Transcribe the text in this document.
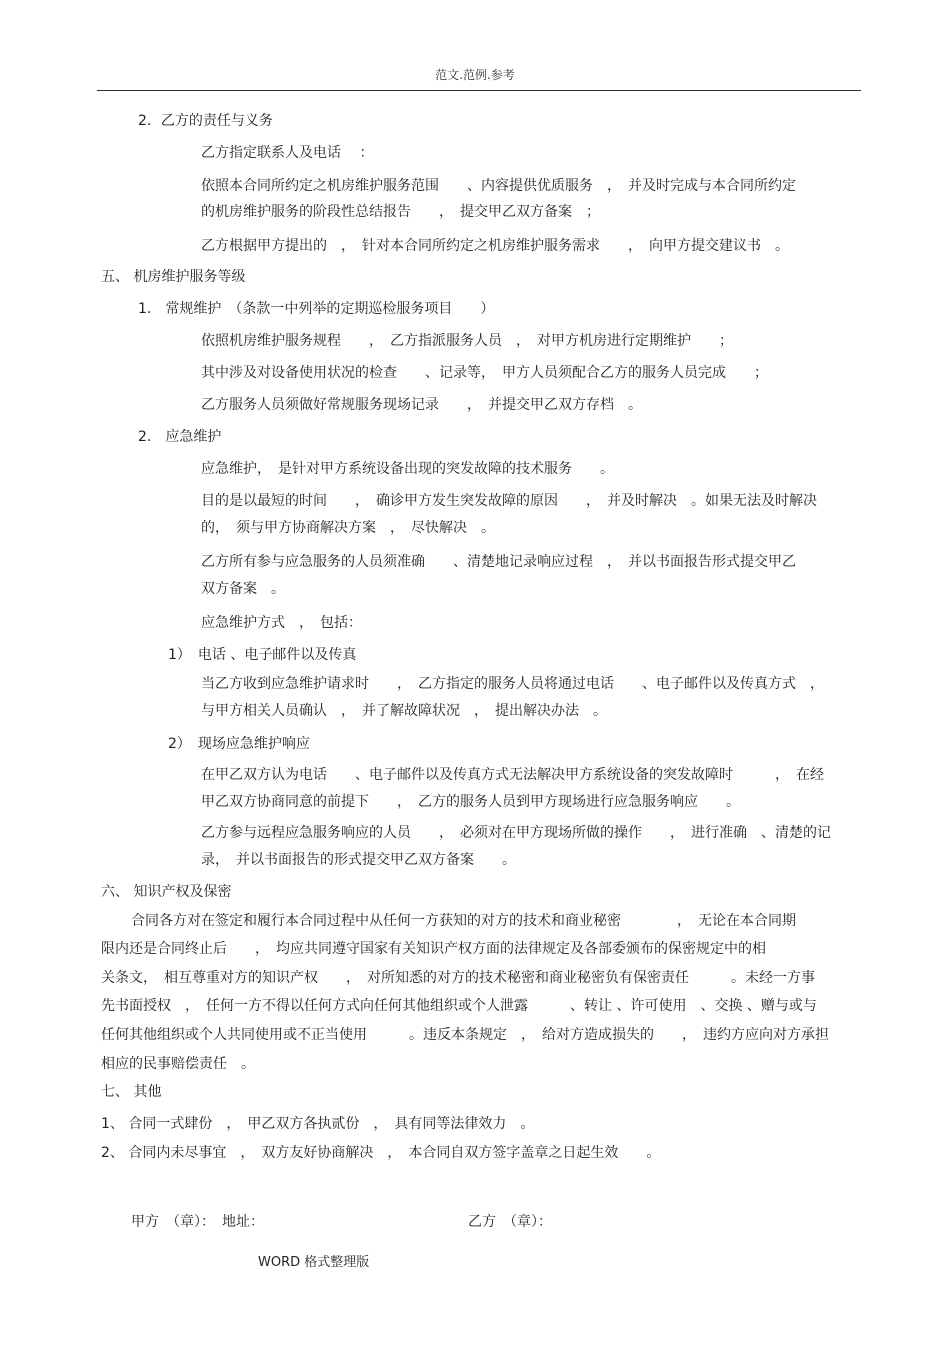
范文.范例.参考
2．乙方的责任与义务
乙方指定联系人及电话　 ：
依照本合同所约定之机房维护服务范围　　、内容提供优质服务　，　并及时完成与本合同所约定
的机房维护服务的阶段性总结报告　　，　提交甲乙双方备案　；
乙方根据甲方提出的　，　针对本合同所约定之机房维护服务需求　　，　向甲方提交建议书　。
五、 机房维护服务等级
1.　常规维护　（条款一中列举的定期巡检服务项目　　）
依照机房维护服务规程　　，　乙方指派服务人员　，　对甲方机房进行定期维护　　；
其中涉及对设备使用状况的检查　　、记录等，　甲方人员须配合乙方的服务人员完成　　；
乙方服务人员须做好常规服务现场记录　　，　并提交甲乙双方存档　。
2.　应急维护
应急维护，　是针对甲方系统设备出现的突发故障的技术服务　　。
目的是以最短的时间　　，　确诊甲方发生突发故障的原因　　，　并及时解决　。如果无法及时解决
的，　须与甲方协商解决方案　，　尽快解决　。
乙方所有参与应急服务的人员须准确　　、清楚地记录响应过程　，　并以书面报告形式提交甲乙
双方备案　。
应急维护方式　，　包括：
1）　电话 、电子邮件以及传真
当乙方收到应急维护请求时　　，　乙方指定的服务人员将通过电话　　、电子邮件以及传真方式　，
与甲方相关人员确认　，　并了解故障状况　，　提出解决办法　。
2）　现场应急维护响应
在甲乙双方认为电话　　、电子邮件以及传真方式无法解决甲方系统设备的突发故障时　　　，　在经
甲乙双方协商同意的前提下　　，　乙方的服务人员到甲方现场进行应急服务响应　　。
乙方参与远程应急服务响应的人员　　，　必须对在甲方现场所做的操作　　，　进行准确　、清楚的记
录，　并以书面报告的形式提交甲乙双方备案　　。
六、 知识产权及保密
合同各方对在签定和履行本合同过程中从任何一方获知的对方的技术和商业秘密　　　　，　无论在本合同期
限内还是合同终止后　　，　均应共同遵守国家有关知识产权方面的法律规定及各部委颁布的保密规定中的相
关条文，　相互尊重对方的知识产权　　，　对所知悉的对方的技术秘密和商业秘密负有保密责任　　　。未经一方事
先书面授权　，　任何一方不得以任何方式向任何其他组织或个人泄露　　　、转让 、许可使用　、交换 、赠与或与
任何其他组织或个人共同使用或不正当使用　　　。违反本条规定　，　给对方造成损失的　　，　违约方应向对方承担
相应的民事赔偿责任　。
七、 其他
1、 合同一式肆份　，　甲乙双方各执贰份　，　具有同等法律效力　。
2、 合同内未尽事宜　，　双方友好协商解决　，　本合同自双方签字盖章之日起生效　　。
甲方　（章）：　地址：	乙方　（章）：
WORD 格式整理版
